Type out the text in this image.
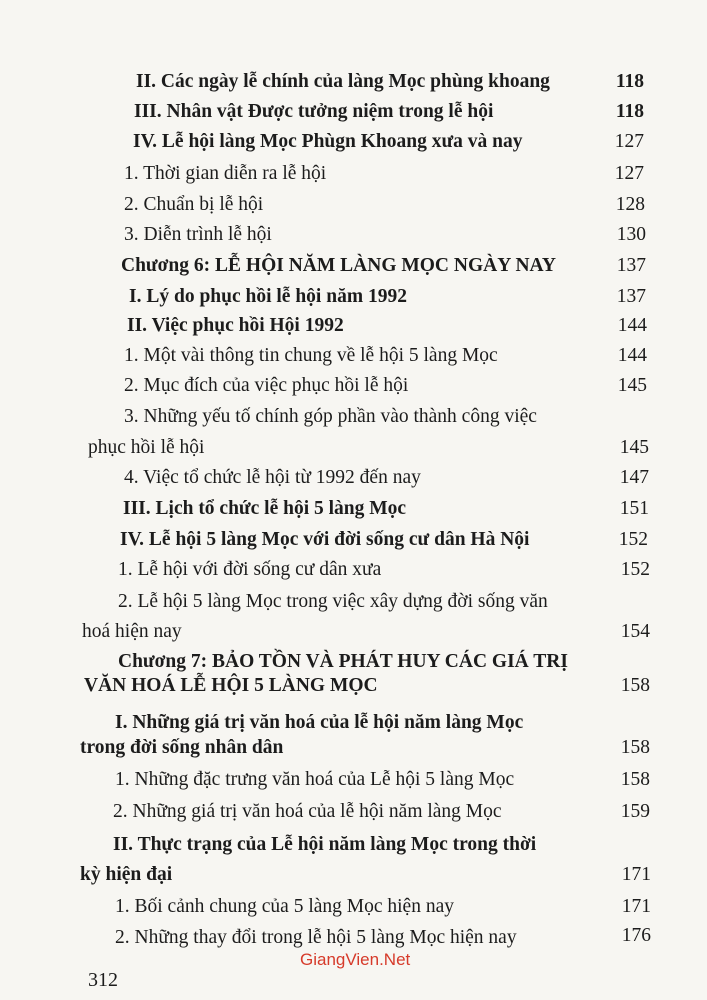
II. Các ngày lễ chính của làng Mọc phùng khoang	118
III. Nhân vật Được tưởng niệm trong lễ hội	118
IV. Lễ hội làng Mọc Phùgn Khoang xưa và nay	127
1. Thời gian diễn ra lễ hội	127
2. Chuẩn bị lễ hội	128
3. Diễn trình lễ hội	130
Chương 6: LỄ HỘI NĂM LÀNG MỌC NGÀY NAY	137
I. Lý do phục hồi lễ hội năm 1992	137
II. Việc phục hồi Hội 1992	144
1. Một vài thông tin chung về lễ hội 5 làng Mọc	144
2. Mục đích của việc phục hồi lễ hội	145
3. Những yếu tố chính góp phần vào thành công việc
phục hồi lễ hội	145
4. Việc tổ chức lễ hội từ 1992 đến nay	147
III. Lịch tổ chức lễ hội 5 làng Mọc	151
IV. Lễ hội 5 làng Mọc với đời sống cư dân Hà Nội	152
1. Lễ hội với đời sống cư dân xưa	152
2. Lễ hội 5 làng Mọc trong việc xây dựng đời sống văn
hoá hiện nay	154
Chương 7: BẢO TỒN VÀ PHÁT HUY CÁC GIÁ TRỊ
VĂN HOÁ LỄ HỘI 5 LÀNG MỌC	158
I. Những giá trị văn hoá của lễ hội năm làng Mọc
trong đời sống nhân dân	158
1. Những đặc trưng văn hoá của Lễ hội 5 làng Mọc	158
2. Những giá trị văn hoá của lễ hội năm làng Mọc	159
II. Thực trạng của Lễ hội năm làng Mọc trong thời
kỳ hiện đại	171
1. Bối cảnh chung của 5 làng Mọc hiện nay	171
2. Những thay đổi trong lễ hội 5 làng Mọc hiện nay	176
GiangVien.Net
312
